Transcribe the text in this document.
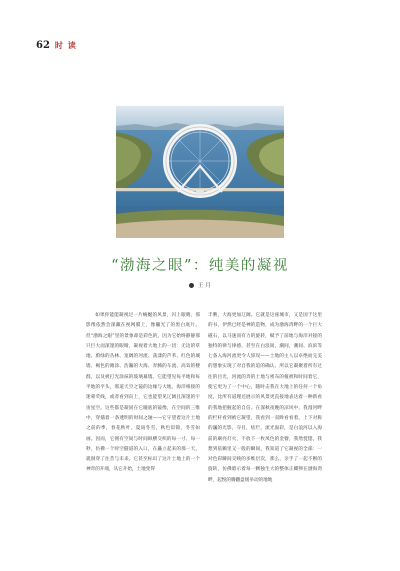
62 时 读
“渤海之眼”：纯美的凝视
王 月

如果你能能凝视过一片蜿蜒的风景，闪上眼睛，那影像依然会深藏在视网膜上，像攥光了的黑白底片。但“渤海之眼”里的景象却是彩色的，因为它始终静静那只巨大而深邃的眼睛，凝视着大地上的一切：无边的草地、蔚绿的丛林、宽阔的河流、荡漾的芦苇、红色的城墙、褐色的滩涂、浩瀚的大海、奔腾的车流、高耸的楼群，以及被打光涂抹的玻璃幕墙。它能望见每平地和每平地的平头，那道天空之镜的边缘与大地，海洋相接的迷蒙荧线，或者看到向上，它也能望见辽阔且深邃的宇宙星空。这些都是凝固在它瞳底的镜像，在空间的三维中，穿插着一条透明的时间之轴——它守望着这片土地之前的季，春花秋叶、夏雨冬雪，秋色似锦，冬雪如画。因而，它拥有空间与时间纵横交织的每一寸、每一秒，仿佛一个时空隧道的入口，在矗立起来的那一天，就洞穿了往昔与未来。它甚至标识了这片土地上的一个神奇的开端，从它开始，土地变得

丰腴，大海更加辽阔。它就是这座城市，又是国于这里的书，伊然已经是神的造物，成为渤海湾畔的一个巨大磁石，以马速而有力的旋转，赋予了前地与海洋对接的独特的律与律感，甚至在白浪间，潮间，潮间、滨滨等七条入海河流更令人惊叹——土地的主人以卓绝而完美的想象实现了对自我的追的确认，所以它凝聚着所有过往的目光，河流的奔的土地与密布的植被和时间着它，使它更为了一个中心，随时击我在大地上的任何一个角度，比所有道理还展示的风景更直接地表达着一种新看的我地把握起的自信。在深秋夜晚的凉风中，我漫河畔的栏杆看到被它凝望，我看到一双眸看看着，上下对称的巍的光影，夺目，炫烂，流光溢彩，是白浪河以入海前的刷亮灯火，不放下一枚凤色的金簪，我然恍惚，我想到依赖里又一般的瞬间，我知道了它凝视的全部：一对色彩瞬间交映的多维层次，那么，亲手了一起不断的旋转，仿佛暗示着每一颗独生大的整体正卿卵在渤海湾畔，起悦的腾翻盘缓举动的地地
